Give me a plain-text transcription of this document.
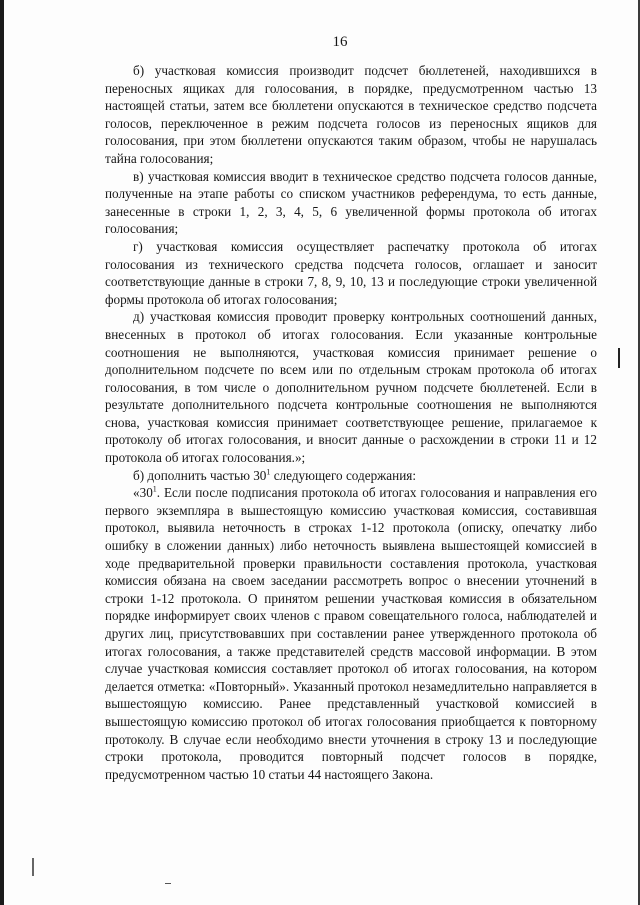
16

б) участковая комиссия производит подсчет бюллетеней, находившихся в переносных ящиках для голосования, в порядке, предусмотренном частью 13 настоящей статьи, затем все бюллетени опускаются в техническое средство подсчета голосов, переключенное в режим подсчета голосов из переносных ящиков для голосования, при этом бюллетени опускаются таким образом, чтобы не нарушалась тайна голосования;

в) участковая комиссия вводит в техническое средство подсчета голосов данные, полученные на этапе работы со списком участников референдума, то есть данные, занесенные в строки 1, 2, 3, 4, 5, 6 увеличенной формы протокола об итогах голосования;

г) участковая комиссия осуществляет распечатку протокола об итогах голосования из технического средства подсчета голосов, оглашает и заносит соответствующие данные в строки 7, 8, 9, 10, 13 и последующие строки увеличенной формы протокола об итогах голосования;

д) участковая комиссия проводит проверку контрольных соотношений данных, внесенных в протокол об итогах голосования. Если указанные контрольные соотношения не выполняются, участковая комиссия принимает решение о дополнительном подсчете по всем или по отдельным строкам протокола об итогах голосования, в том числе о дополнительном ручном подсчете бюллетеней. Если в результате дополнительного подсчета контрольные соотношения не выполняются снова, участковая комиссия принимает соответствующее решение, прилагаемое к протоколу об итогах голосования, и вносит данные о расхождении в строки 11 и 12 протокола об итогах голосования.»;

б) дополнить частью $30^1$ следующего содержания:

«$30^1$. Если после подписания протокола об итогах голосования и направления его первого экземпляра в вышестоящую комиссию участковая комиссия, составившая протокол, выявила неточность в строках 1-12 протокола (описку, опечатку либо ошибку в сложении данных) либо неточность выявлена вышестоящей комиссией в ходе предварительной проверки правильности составления протокола, участковая комиссия обязана на своем заседании рассмотреть вопрос о внесении уточнений в строки 1-12 протокола. О принятом решении участковая комиссия в обязательном порядке информирует своих членов с правом совещательного голоса, наблюдателей и других лиц, присутствовавших при составлении ранее утвержденного протокола об итогах голосования, а также представителей средств массовой информации. В этом случае участковая комиссия составляет протокол об итогах голосования, на котором делается отметка: «Повторный». Указанный протокол незамедлительно направляется в вышестоящую комиссию. Ранее представленный участковой комиссией в вышестоящую комиссию протокол об итогах голосования приобщается к повторному протоколу. В случае если необходимо внести уточнения в строку 13 и последующие строки протокола, проводится повторный подсчет голосов в порядке, предусмотренном частью 10 статьи 44 настоящего Закона.
